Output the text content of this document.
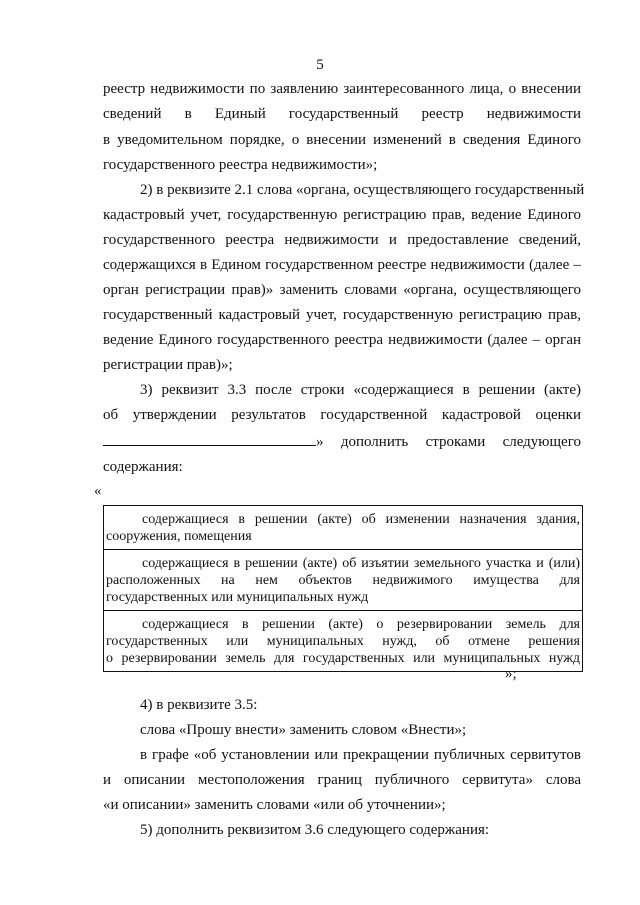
5
реестр недвижимости по заявлению заинтересованного лица, о внесении
сведений в Единый государственный реестр недвижимости
в уведомительном порядке, о внесении изменений в сведения Единого
государственного реестра недвижимости»;
2) в реквизите 2.1 слова «органа, осуществляющего государственный
кадастровый учет, государственную регистрацию прав, ведение Единого
государственного реестра недвижимости и предоставление сведений,
содержащихся в Едином государственном реестре недвижимости (далее –
орган регистрации прав)» заменить словами «органа, осуществляющего
государственный кадастровый учет, государственную регистрацию прав,
ведение Единого государственного реестра недвижимости (далее – орган
регистрации прав)»;
3) реквизит 3.3 после строки «содержащиеся в решении (акте)
об утверждении результатов государственной кадастровой оценки
» дополнить строками следующего
содержания:
«
содержащиеся в решении (акте) об изменении назначения здания,
сооружения, помещения
содержащиеся в решении (акте) об изъятии земельного участка и (или)
расположенных на нем объектов недвижимого имущества для
государственных или муниципальных нужд
содержащиеся в решении (акте) о резервировании земель для
государственных или муниципальных нужд, об отмене решения
о резервировании земель для государственных или муниципальных нужд
»;
4) в реквизите 3.5:
слова «Прошу внести» заменить словом «Внести»;
в графе «об установлении или прекращении публичных сервитутов
и описании местоположения границ публичного сервитута» слова
«и описании» заменить словами «или об уточнении»;
5) дополнить реквизитом 3.6 следующего содержания:
